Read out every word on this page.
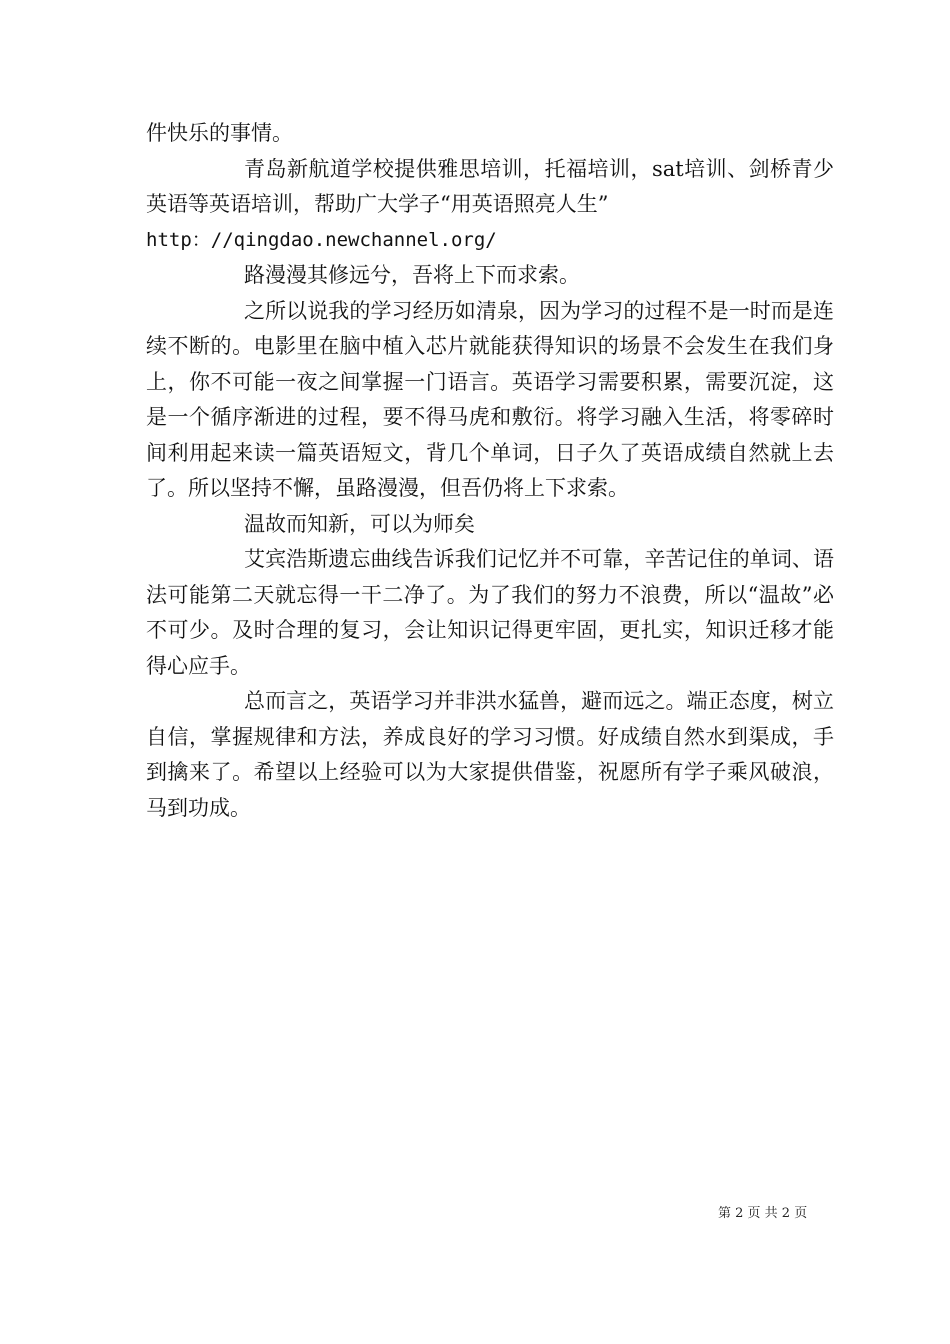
件快乐的事情。

青岛新航道学校提供雅思培训，托福培训，sat培训、剑桥青少英语等英语培训，帮助广大学子“用英语照亮人生”

http：//qingdao.newchannel.org/

路漫漫其修远兮，吾将上下而求索。

之所以说我的学习经历如清泉，因为学习的过程不是一时而是连续不断的。电影里在脑中植入芯片就能获得知识的场景不会发生在我们身上，你不可能一夜之间掌握一门语言。英语学习需要积累，需要沉淀，这是一个循序渐进的过程，要不得马虎和敷衍。将学习融入生活，将零碎时间利用起来读一篇英语短文，背几个单词，日子久了英语成绩自然就上去了。所以坚持不懈，虽路漫漫，但吾仍将上下求索。

温故而知新，可以为师矣

艾宾浩斯遗忘曲线告诉我们记忆并不可靠，辛苦记住的单词、语法可能第二天就忘得一干二净了。为了我们的努力不浪费，所以“温故”必不可少。及时合理的复习，会让知识记得更牢固，更扎实，知识迁移才能得心应手。

总而言之，英语学习并非洪水猛兽，避而远之。端正态度，树立自信，掌握规律和方法，养成良好的学习习惯。好成绩自然水到渠成，手到擒来了。希望以上经验可以为大家提供借鉴，祝愿所有学子乘风破浪，马到功成。

第 2 页 共 2 页
